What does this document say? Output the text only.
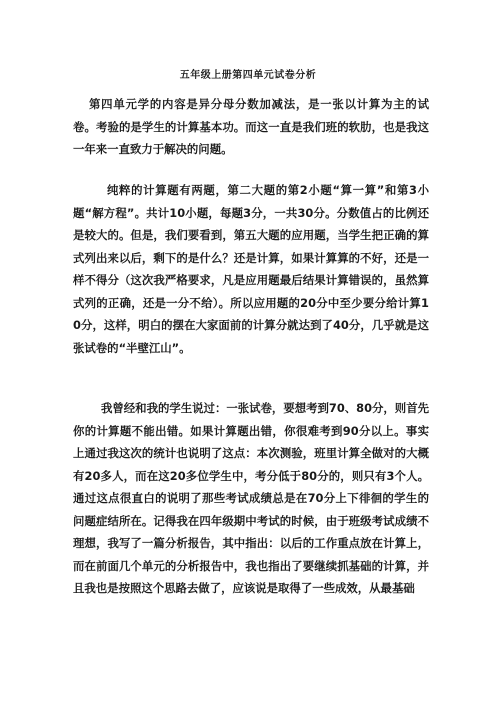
五年级上册第四单元试卷分析

第四单元学的内容是异分母分数加减法，是一张以计算为主的试卷。考验的是学生的计算基本功。而这一直是我们班的软肋，也是我这一年来一直致力于解决的问题。

纯粹的计算题有两题，第二大题的第2小题“算一算”和第3小题“解方程”。共计10小题，每题3分，一共30分。分数值占的比例还是较大的。但是，我们要看到，第五大题的应用题，当学生把正确的算式列出来以后，剩下的是什么？还是计算，如果计算算的不好，还是一样不得分（这次我严格要求，凡是应用题最后结果计算错误的，虽然算式列的正确，还是一分不给）。所以应用题的20分中至少要分给计算10分，这样，明白的摆在大家面前的计算分就达到了40分，几乎就是这张试卷的“半壁江山”。

我曾经和我的学生说过：一张试卷，要想考到70、80分，则首先你的计算题不能出错。如果计算题出错，你很难考到90分以上。事实上通过我这次的统计也说明了这点：本次测验，班里计算全做对的大概有20多人，而在这20多位学生中，考分低于80分的，则只有3个人。通过这点很直白的说明了那些考试成绩总是在70分上下徘徊的学生的问题症结所在。记得我在四年级期中考试的时候，由于班级考试成绩不理想，我写了一篇分析报告，其中指出：以后的工作重点放在计算上，而在前面几个单元的分析报告中，我也指出了要继续抓基础的计算，并且我也是按照这个思路去做了，应该说是取得了一些成效，从最基础
